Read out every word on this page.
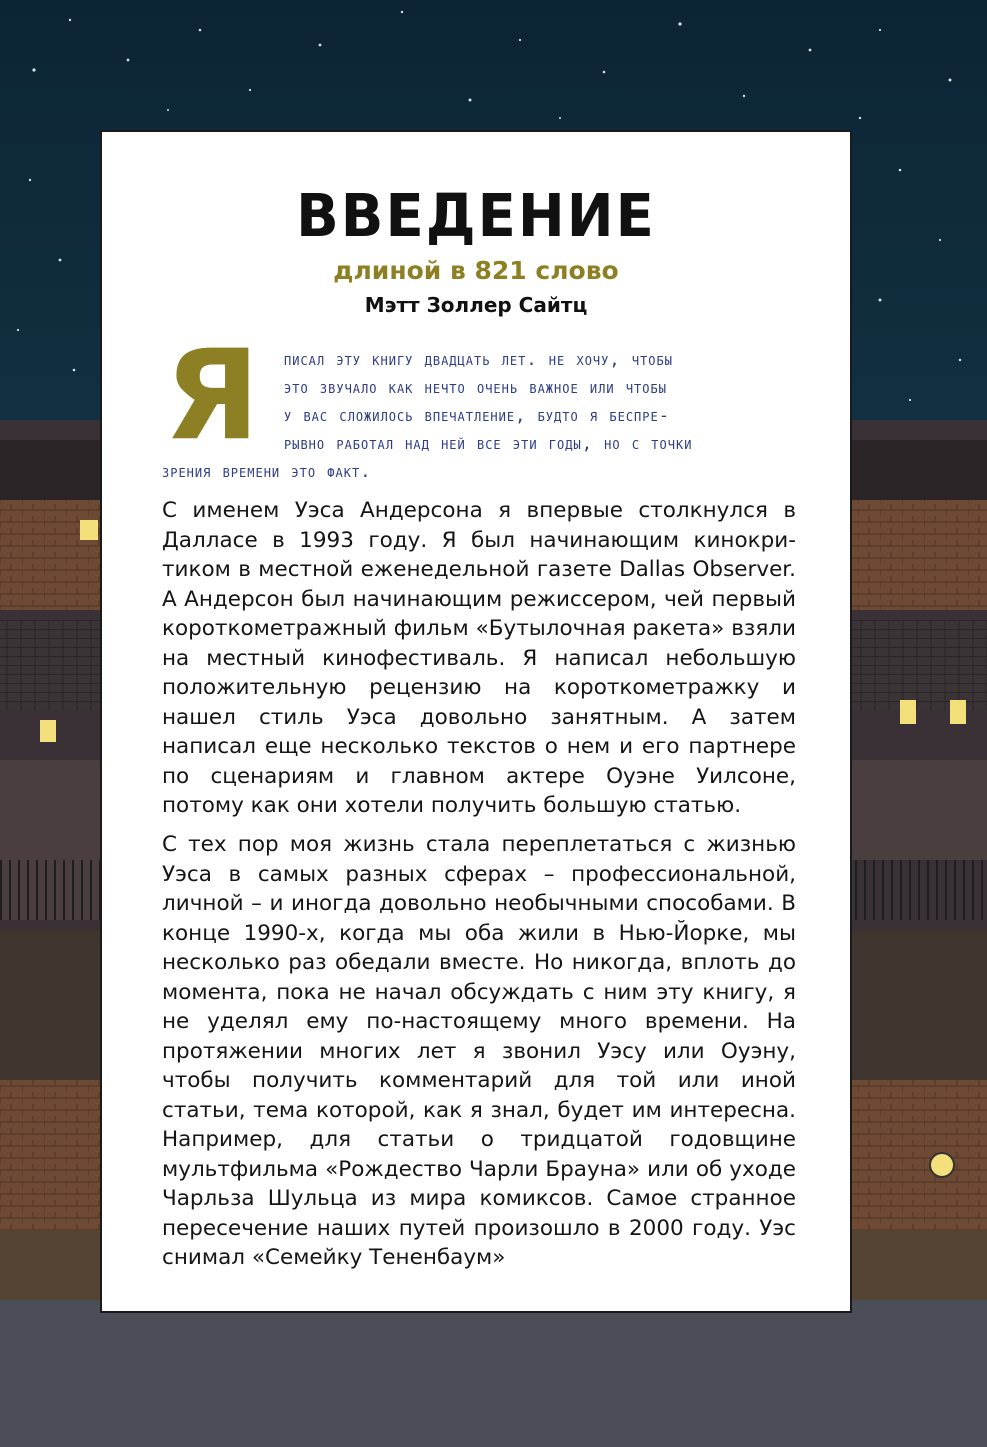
ВВЕДЕНИЕ
длиной в 821 слово
Мэтт Золлер Сайтц
Я писал эту книгу двадцать лет. не хочу, чтобы
это звучало как нечто очень важное или чтобы
у вас сложилось впечатление, будто я беспре-
рывно работал над ней все эти годы, но с точки
зрения времени это факт.

С именем Уэса Андерсона я впервые столкнулся в Далласе в 1993 году. Я был начинающим кинокритиком в местной еженедельной газете Dallas Observer. А Андерсон был начинающим режиссером, чей первый короткометражный фильм «Бутылочная ракета» взяли на местный кинофестиваль. Я написал небольшую положительную рецензию на короткометражку и нашел стиль Уэса довольно занятным. А затем написал еще несколько текстов о нем и его партнере по сценариям и главном актере Оуэне Уилсоне, потому как они хотели получить большую статью.

С тех пор моя жизнь стала переплетаться с жизнью Уэса в самых разных сферах – профессиональной, личной – и иногда довольно необычными способами. В конце 1990-х, когда мы оба жили в Нью-Йорке, мы несколько раз обедали вместе. Но никогда, вплоть до момента, пока не начал обсуждать с ним эту книгу, я не уделял ему по-настоящему много времени. На протяжении многих лет я звонил Уэсу или Оуэну, чтобы получить комментарий для той или иной статьи, тема которой, как я знал, будет им интересна. Например, для статьи о тридцатой годовщине мультфильма «Рождество Чарли Брауна» или об уходе Чарльза Шульца из мира комиксов. Самое странное пересечение наших путей произошло в 2000 году. Уэс снимал «Семейку Тененбаум»
